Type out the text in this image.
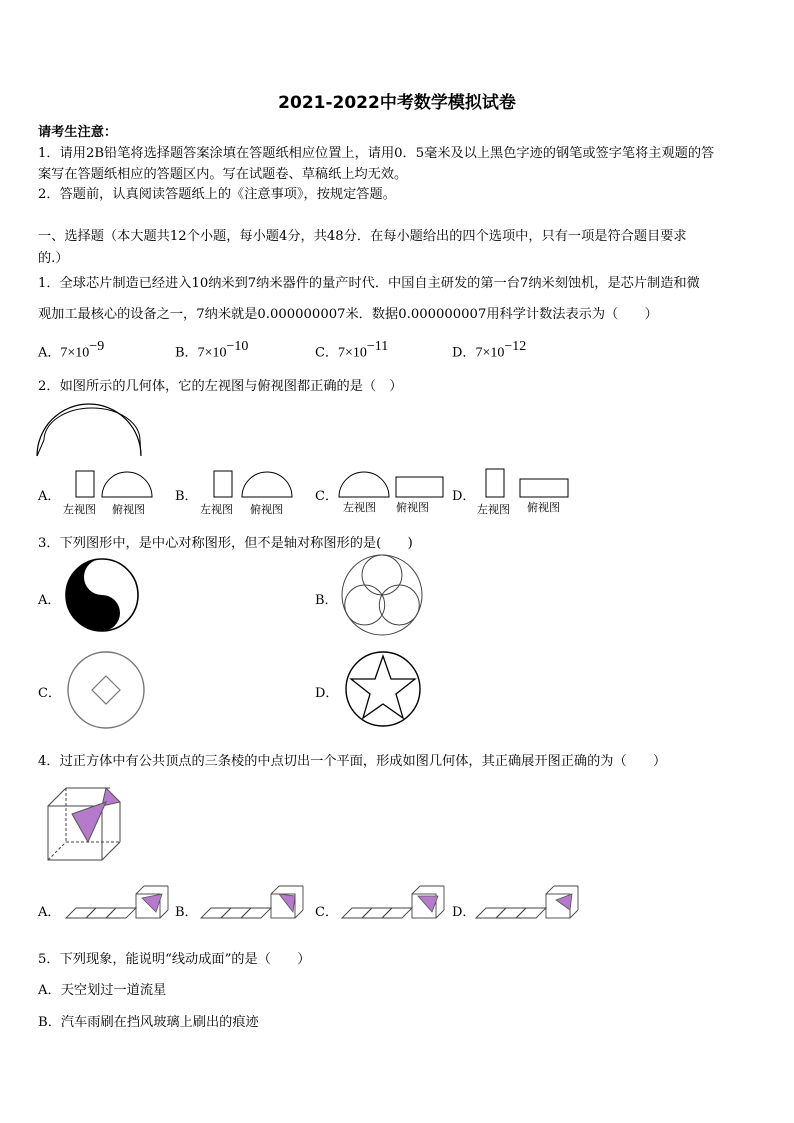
2021-2022中考数学模拟试卷
请考生注意：
1．请用2B铅笔将选择题答案涂填在答题纸相应位置上，请用0．5毫米及以上黑色字迹的钢笔或签字笔将主观题的答
案写在答题纸相应的答题区内。写在试题卷、草稿纸上均无效。
2．答题前，认真阅读答题纸上的《注意事项》，按规定答题。
一、选择题（本大题共12个小题，每小题4分，共48分．在每小题给出的四个选项中，只有一项是符合题目要求
的.）
1．全球芯片制造已经进入10纳米到7纳米器件的量产时代．中国自主研发的第一台7纳米刻蚀机，是芯片制造和微
观加工最核心的设备之一，7纳米就是0.000000007米．数据0.000000007用科学计数法表示为（　　）
A．$7\times 10^{-9}$	B．$7\times 10^{-10}$	C．$7\times 10^{-11}$	D．$7\times 10^{-12}$
2．如图所示的几何体，它的左视图与俯视图都正确的是（　）
A．
左视图 俯视图
B．
左视图 俯视图
C．
左视图 俯视图
D．
左视图 俯视图
3．下列图形中，是中心对称图形，但不是轴对称图形的是(　　)
A．	B．
C．	D．
4．过正方体中有公共顶点的三条棱的中点切出一个平面，形成如图几何体，其正确展开图正确的为（　　）
A．	B．	C．	D．
5．下列现象，能说明“线动成面”的是（　　）
A．天空划过一道流星
B．汽车雨刷在挡风玻璃上刷出的痕迹
